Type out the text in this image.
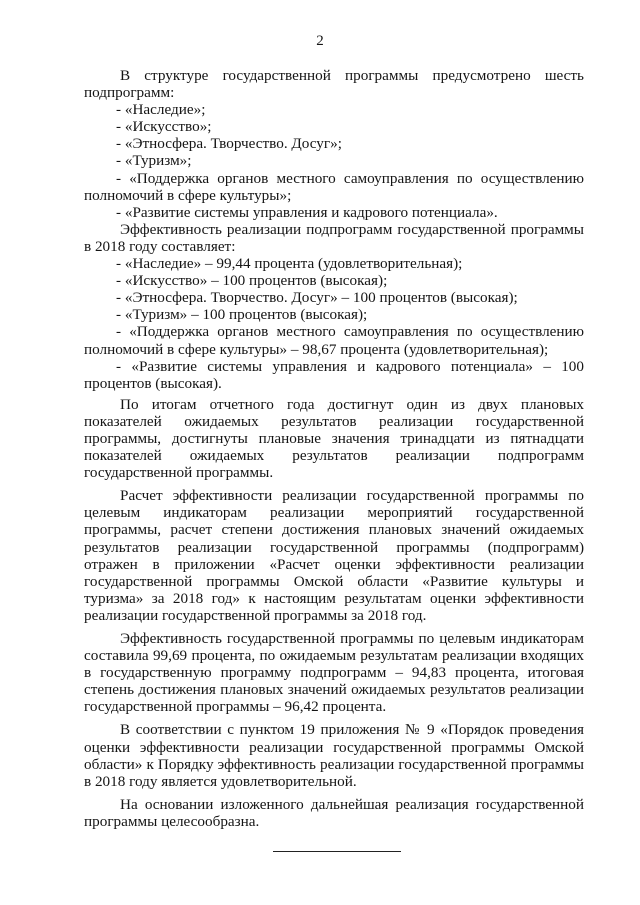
2

В структуре государственной программы предусмотрено шесть подпрограмм:

- «Наследие»;

- «Искусство»;

- «Этносфера. Творчество. Досуг»;

- «Туризм»;

- «Поддержка органов местного самоуправления по осуществлению полномочий в сфере культуры»;

- «Развитие системы управления и кадрового потенциала».

Эффективность реализации подпрограмм государственной программы в 2018 году составляет:

- «Наследие» – 99,44 процента (удовлетворительная);

- «Искусство» – 100 процентов (высокая);

- «Этносфера. Творчество. Досуг» – 100 процентов (высокая);

- «Туризм» – 100 процентов (высокая);

- «Поддержка органов местного самоуправления по осуществлению полномочий в сфере культуры» – 98,67 процента (удовлетворительная);

- «Развитие системы управления и кадрового потенциала» – 100 процентов (высокая).

По итогам отчетного года достигнут один из двух плановых показателей ожидаемых результатов реализации государственной программы, достигнуты плановые значения тринадцати из пятнадцати показателей ожидаемых результатов реализации подпрограмм государственной программы.

Расчет эффективности реализации государственной программы по целевым индикаторам реализации мероприятий государственной программы, расчет степени достижения плановых значений ожидаемых результатов реализации государственной программы (подпрограмм) отражен в приложении «Расчет оценки эффективности реализации государственной программы Омской области «Развитие культуры и туризма» за 2018 год» к настоящим результатам оценки эффективности реализации государственной программы за 2018 год.

Эффективность государственной программы по целевым индикаторам составила 99,69 процента, по ожидаемым результатам реализации входящих в государственную программу подпрограмм – 94,83 процента, итоговая степень достижения плановых значений ожидаемых результатов реализации государственной программы – 96,42 процента.

В соответствии с пунктом 19 приложения № 9 «Порядок проведения оценки эффективности реализации государственной программы Омской области» к Порядку эффективность реализации государственной программы в 2018 году является удовлетворительной.

На основании изложенного дальнейшая реализация государственной программы целесообразна.
